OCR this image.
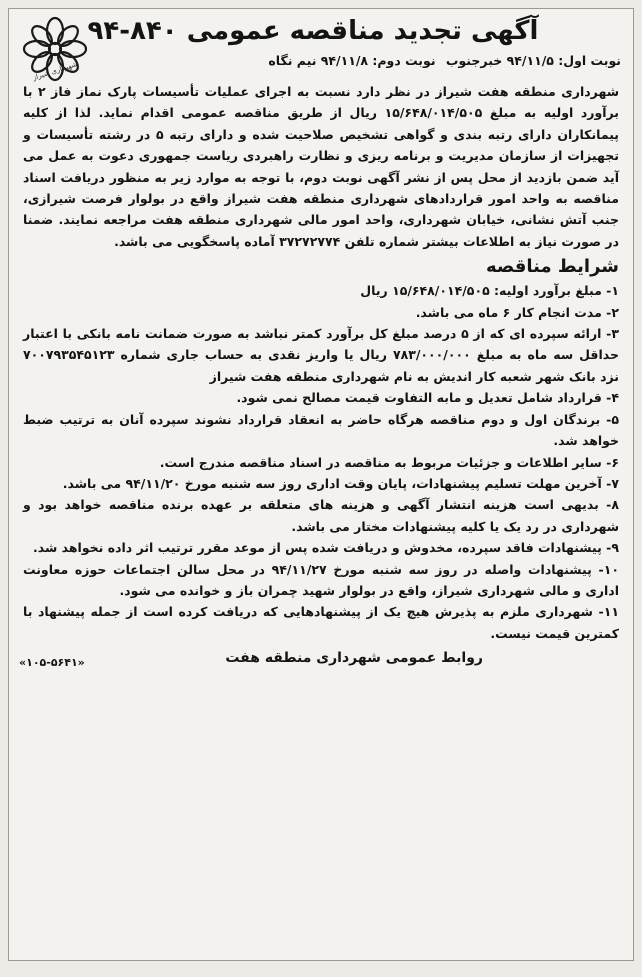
شهرداری شیراز
آگهی تجدید مناقصه عمومی ۸۴۰-۹۴
نوبت اول: ۹۴/۱۱/۵ خبرجنوب نوبت دوم: ۹۴/۱۱/۸ نیم نگاه

شهرداری منطقه هفت شیراز در نظر دارد نسبت به اجرای عملیات تأسیسات پارک نماز فاز ۲ با برآورد اولیه به مبلغ ۱۵/۶۴۸/۰۱۴/۵۰۵ ریال از طریق مناقصه عمومی اقدام نماید. لذا از کلیه پیمانکاران دارای رتبه بندی و گواهی تشخیص صلاحیت شده و دارای رتبه ۵ در رشته تأسیسات و تجهیزات از سازمان مدیریت و برنامه ریزی و نظارت راهبردی ریاست جمهوری دعوت به عمل می آید ضمن بازدید از محل پس از نشر آگهی نوبت دوم، با توجه به موارد زیر به منظور دریافت اسناد مناقصه به واحد امور قراردادهای شهرداری منطقه هفت شیراز واقع در بولوار فرصت شیرازی، جنب آتش نشانی، خیابان شهرداری، واحد امور مالی شهرداری منطقه هفت مراجعه نمایند. ضمنا در صورت نیاز به اطلاعات بیشتر شماره تلفن ۳۷۲۷۲۷۷۴ آماده پاسخگویی می باشد.

شرایط مناقصه

۱- مبلغ برآورد اولیه: ۱۵/۶۴۸/۰۱۴/۵۰۵ ریال

۲- مدت انجام کار ۶ ماه می باشد.

۳- ارائه سپرده ای که از ۵ درصد مبلغ کل برآورد کمتر نباشد به صورت ضمانت نامه بانکی با اعتبار حداقل سه ماه به مبلغ ۷۸۳/۰۰۰/۰۰۰ ریال یا واریز نقدی به حساب جاری شماره ۷۰۰۷۹۳۵۴۵۱۲۳ نزد بانک شهر شعبه کار اندیش به نام شهرداری منطقه هفت شیراز

۴- قرارداد شامل تعدیل و مابه التفاوت قیمت مصالح نمی شود.

۵- برندگان اول و دوم مناقصه هرگاه حاضر به انعقاد قرارداد نشوند سپرده آنان به ترتیب ضبط خواهد شد.

۶- سایر اطلاعات و جزئیات مربوط به مناقصه در اسناد مناقصه مندرج است.

۷- آخرین مهلت تسلیم پیشنهادات، پایان وقت اداری روز سه شنبه مورخ ۹۴/۱۱/۲۰ می باشد.

۸- بدیهی است هزینه انتشار آگهی و هزینه های متعلقه بر عهده برنده مناقصه خواهد بود و شهرداری در رد یک یا کلیه پیشنهادات مختار می باشد.

۹- پیشنهادات فاقد سپرده، مخدوش و دریافت شده پس از موعد مقرر ترتیب اثر داده نخواهد شد.

۱۰- پیشنهادات واصله در روز سه شنبه مورخ ۹۴/۱۱/۲۷ در محل سالن اجتماعات حوزه معاونت اداری و مالی شهرداری شیراز، واقع در بولوار شهید چمران باز و خوانده می شود.

۱۱- شهرداری ملزم به پذیرش هیچ یک از پیشنهادهایی که دریافت کرده است از جمله پیشنهاد با کمترین قیمت نیست.

روابط عمومی شهرداری منطقه هفت
«۱۰۵-۵۶۴۱»
